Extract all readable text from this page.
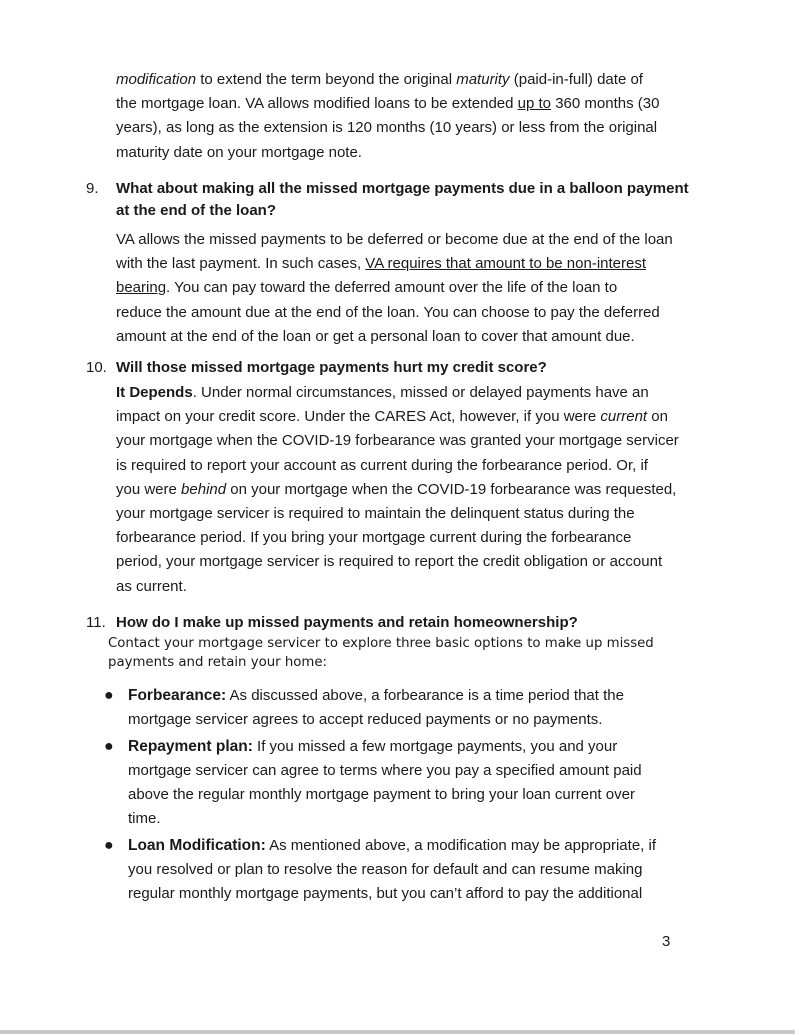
modification to extend the term beyond the original maturity (paid-in-full) date of
the mortgage loan. VA allows modified loans to be extended up to 360 months (30
years), as long as the extension is 120 months (10 years) or less from the original
maturity date on your mortgage note.
9.	What about making all the missed mortgage payments due in a balloon payment
at the end of the loan?
VA allows the missed payments to be deferred or become due at the end of the loan
with the last payment. In such cases, VA requires that amount to be non-interest
bearing. You can pay toward the deferred amount over the life of the loan to
reduce the amount due at the end of the loan. You can choose to pay the deferred
amount at the end of the loan or get a personal loan to cover that amount due.
10. Will those missed mortgage payments hurt my credit score?
It Depends. Under normal circumstances, missed or delayed payments have an
impact on your credit score. Under the CARES Act, however, if you were current on
your mortgage when the COVID-19 forbearance was granted your mortgage servicer
is required to report your account as current during the forbearance period. Or, if
you were behind on your mortgage when the COVID-19 forbearance was requested,
your mortgage servicer is required to maintain the delinquent status during the
forbearance period. If you bring your mortgage current during the forbearance
period, your mortgage servicer is required to report the credit obligation or account
as current.
11. How do I make up missed payments and retain homeownership?
Contact your mortgage servicer to explore three basic options to make up missed
payments and retain your home:
● Forbearance: As discussed above, a forbearance is a time period that the
mortgage servicer agrees to accept reduced payments or no payments.
● Repayment plan: If you missed a few mortgage payments, you and your
mortgage servicer can agree to terms where you pay a specified amount paid
above the regular monthly mortgage payment to bring your loan current over
time.
● Loan Modification: As mentioned above, a modification may be appropriate, if
you resolved or plan to resolve the reason for default and can resume making
regular monthly mortgage payments, but you can’t afford to pay the additional
3
